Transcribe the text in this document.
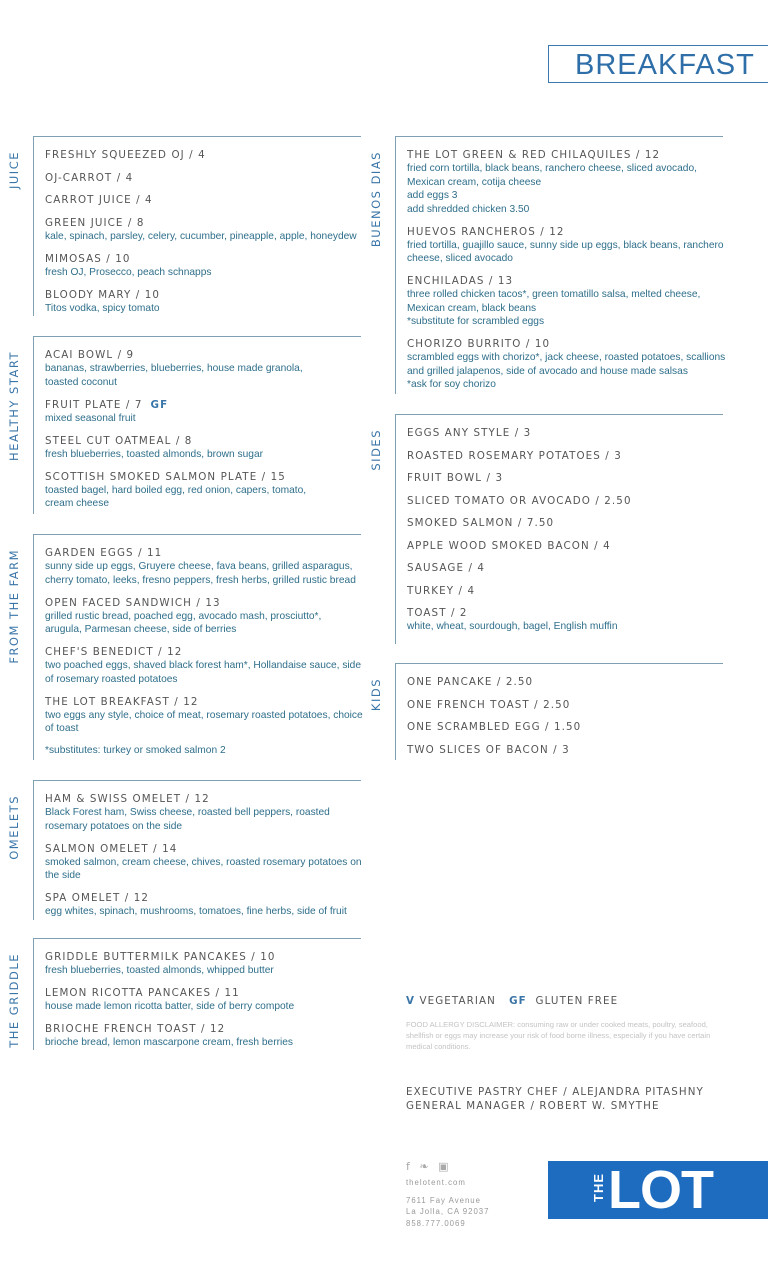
BREAKFAST
JUICE FRESHLY SQUEEZED OJ / 4
OJ-CARROT / 4
CARROT JUICE / 4
GREEN JUICE / 8
kale, spinach, parsley, celery, cucumber, pineapple, apple, honeydew
MIMOSAS / 10
fresh OJ, Prosecco, peach schnapps
BLOODY MARY / 10
Titos vodka, spicy tomato
HEALTHY START ACAI BOWL / 9
bananas, strawberries, blueberries, house made granola,
toasted coconut
FRUIT PLATE / 7 GF
mixed seasonal fruit
STEEL CUT OATMEAL / 8
fresh blueberries, toasted almonds, brown sugar
SCOTTISH SMOKED SALMON PLATE / 15
toasted bagel, hard boiled egg, red onion, capers, tomato,
cream cheese
FROM THE FARM GARDEN EGGS / 11
sunny side up eggs, Gruyere cheese, fava beans, grilled asparagus,
cherry tomato, leeks, fresno peppers, fresh herbs, grilled rustic bread
OPEN FACED SANDWICH / 13
grilled rustic bread, poached egg, avocado mash, prosciutto*,
arugula, Parmesan cheese, side of berries
CHEF'S BENEDICT / 12
two poached eggs, shaved black forest ham*, Hollandaise sauce, side
of rosemary roasted potatoes
THE LOT BREAKFAST / 12
two eggs any style, choice of meat, rosemary roasted potatoes, choice
of toast
*substitutes: turkey or smoked salmon 2
OMELETS HAM & SWISS OMELET / 12
Black Forest ham, Swiss cheese, roasted bell peppers, roasted
rosemary potatoes on the side
SALMON OMELET / 14
smoked salmon, cream cheese, chives, roasted rosemary potatoes on
the side
SPA OMELET / 12
egg whites, spinach, mushrooms, tomatoes, fine herbs, side of fruit
THE GRIDDLE GRIDDLE BUTTERMILK PANCAKES / 10
fresh blueberries, toasted almonds, whipped butter
LEMON RICOTTA PANCAKES / 11
house made lemon ricotta batter, side of berry compote
BRIOCHE FRENCH TOAST / 12
brioche bread, lemon mascarpone cream, fresh berries
BUENOS DIAS THE LOT GREEN & RED CHILAQUILES / 12
fried corn tortilla, black beans, ranchero cheese, sliced avocado,
Mexican cream, cotija cheese
add eggs 3
add shredded chicken 3.50
HUEVOS RANCHEROS / 12
fried tortilla, guajillo sauce, sunny side up eggs, black beans, ranchero
cheese, sliced avocado
ENCHILADAS / 13
three rolled chicken tacos*, green tomatillo salsa, melted cheese,
Mexican cream, black beans
*substitute for scrambled eggs
CHORIZO BURRITO / 10
scrambled eggs with chorizo*, jack cheese, roasted potatoes, scallions
and grilled jalapenos, side of avocado and house made salsas
*ask for soy chorizo
SIDES EGGS ANY STYLE / 3
ROASTED ROSEMARY POTATOES / 3
FRUIT BOWL / 3
SLICED TOMATO OR AVOCADO / 2.50
SMOKED SALMON / 7.50
APPLE WOOD SMOKED BACON / 4
SAUSAGE / 4
TURKEY / 4
TOAST / 2
white, wheat, sourdough, bagel, English muffin
KIDS ONE PANCAKE / 2.50
ONE FRENCH TOAST / 2.50
ONE SCRAMBLED EGG / 1.50
TWO SLICES OF BACON / 3
V VEGETARIAN GF GLUTEN FREE
FOOD ALLERGY DISCLAIMER: consuming raw or under cooked meats, poultry, seafood, shellfish or eggs may increase your risk of food borne illness, especially if you have certain medical conditions.
EXECUTIVE PASTRY CHEF / ALEJANDRA PITASHNY
GENERAL MANAGER / ROBERT W. SMYTHE
f ❧ ▣
thelotent.com
7611 Fay Avenue
La Jolla, CA 92037
858.777.0069
THE LOT
